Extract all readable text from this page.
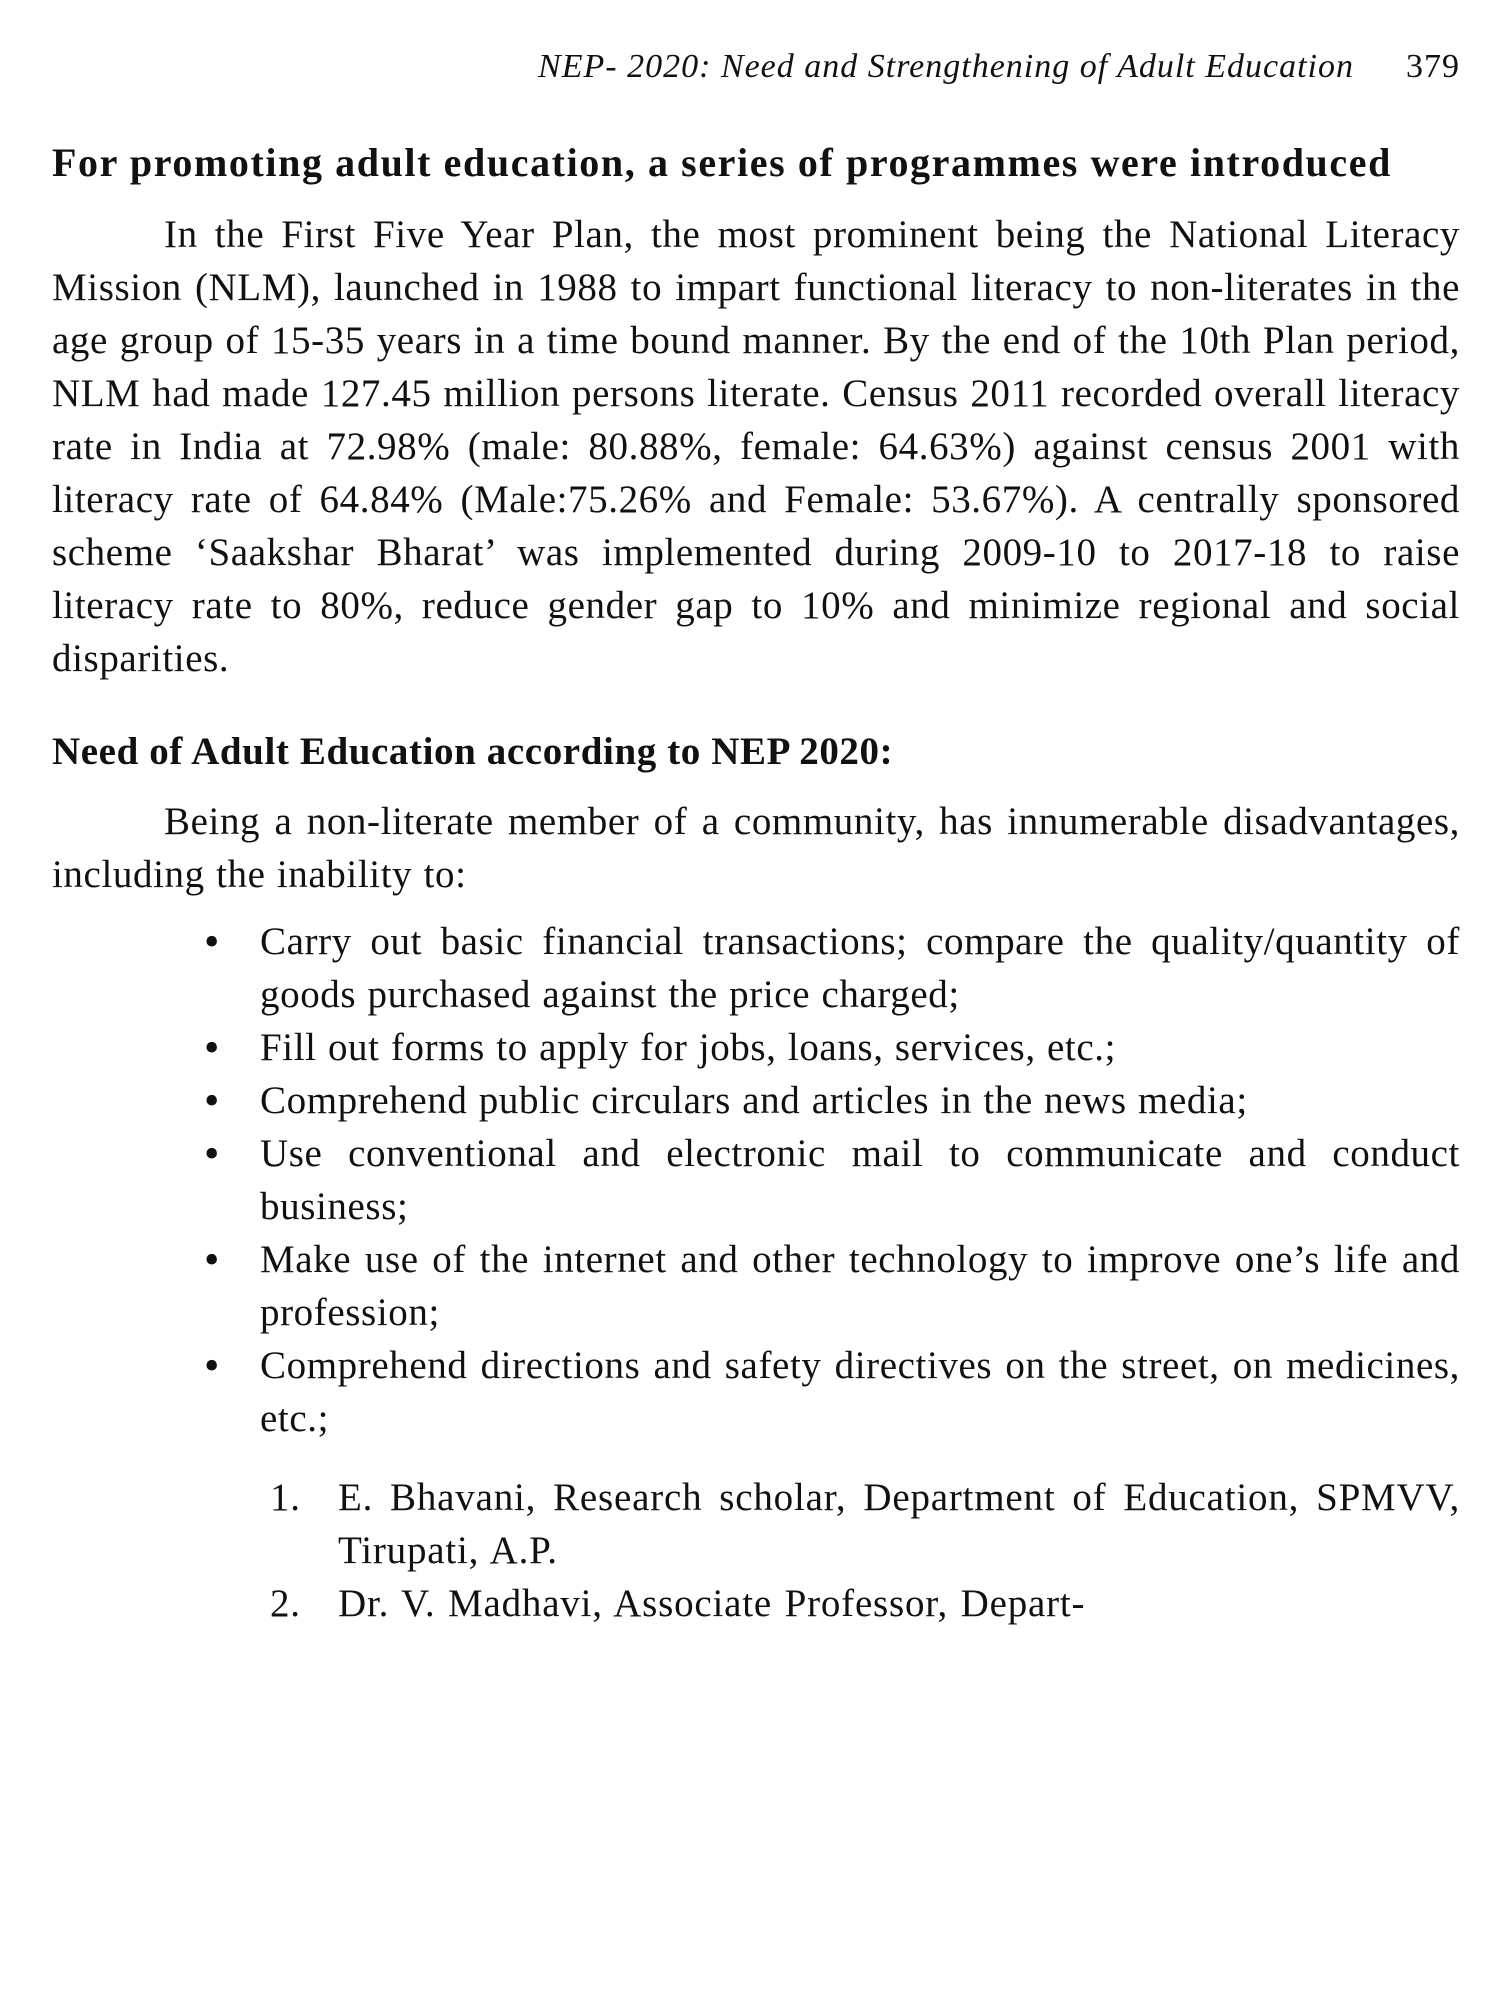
NEP- 2020: Need and Strengthening of Adult Education 379
For promoting adult education, a series of programmes were introduced

In the First Five Year Plan, the most prominent being the National Literacy Mission (NLM), launched in 1988 to impart functional literacy to non-literates in the age group of 15-35 years in a time bound manner. By the end of the 10th Plan period, NLM had made 127.45 million persons literate. Census 2011 recorded overall literacy rate in India at 72.98% (male: 80.88%, female: 64.63%) against census 2001 with literacy rate of 64.84% (Male:75.26% and Female: 53.67%). A centrally sponsored scheme ‘Saakshar Bharat’ was implemented during 2009-10 to 2017-18 to raise literacy rate to 80%, reduce gender gap to 10% and minimize regional and social disparities.

Need of Adult Education according to NEP 2020:

Being a non-literate member of a community, has innumerable disadvantages, including the inability to:

• Carry out basic financial transactions; compare the quality/quantity of goods purchased against the price charged;
• Fill out forms to apply for jobs, loans, services, etc.;
• Comprehend public circulars and articles in the news media;
• Use conventional and electronic mail to communicate and conduct business;
• Make use of the internet and other technology to improve one’s life and profession;
• Comprehend directions and safety directives on the street, on medicines, etc.;
1. E. Bhavani, Research scholar, Department of Education, SPMVV, Tirupati, A.P.
2. Dr. V. Madhavi, Associate Professor, Depart-
